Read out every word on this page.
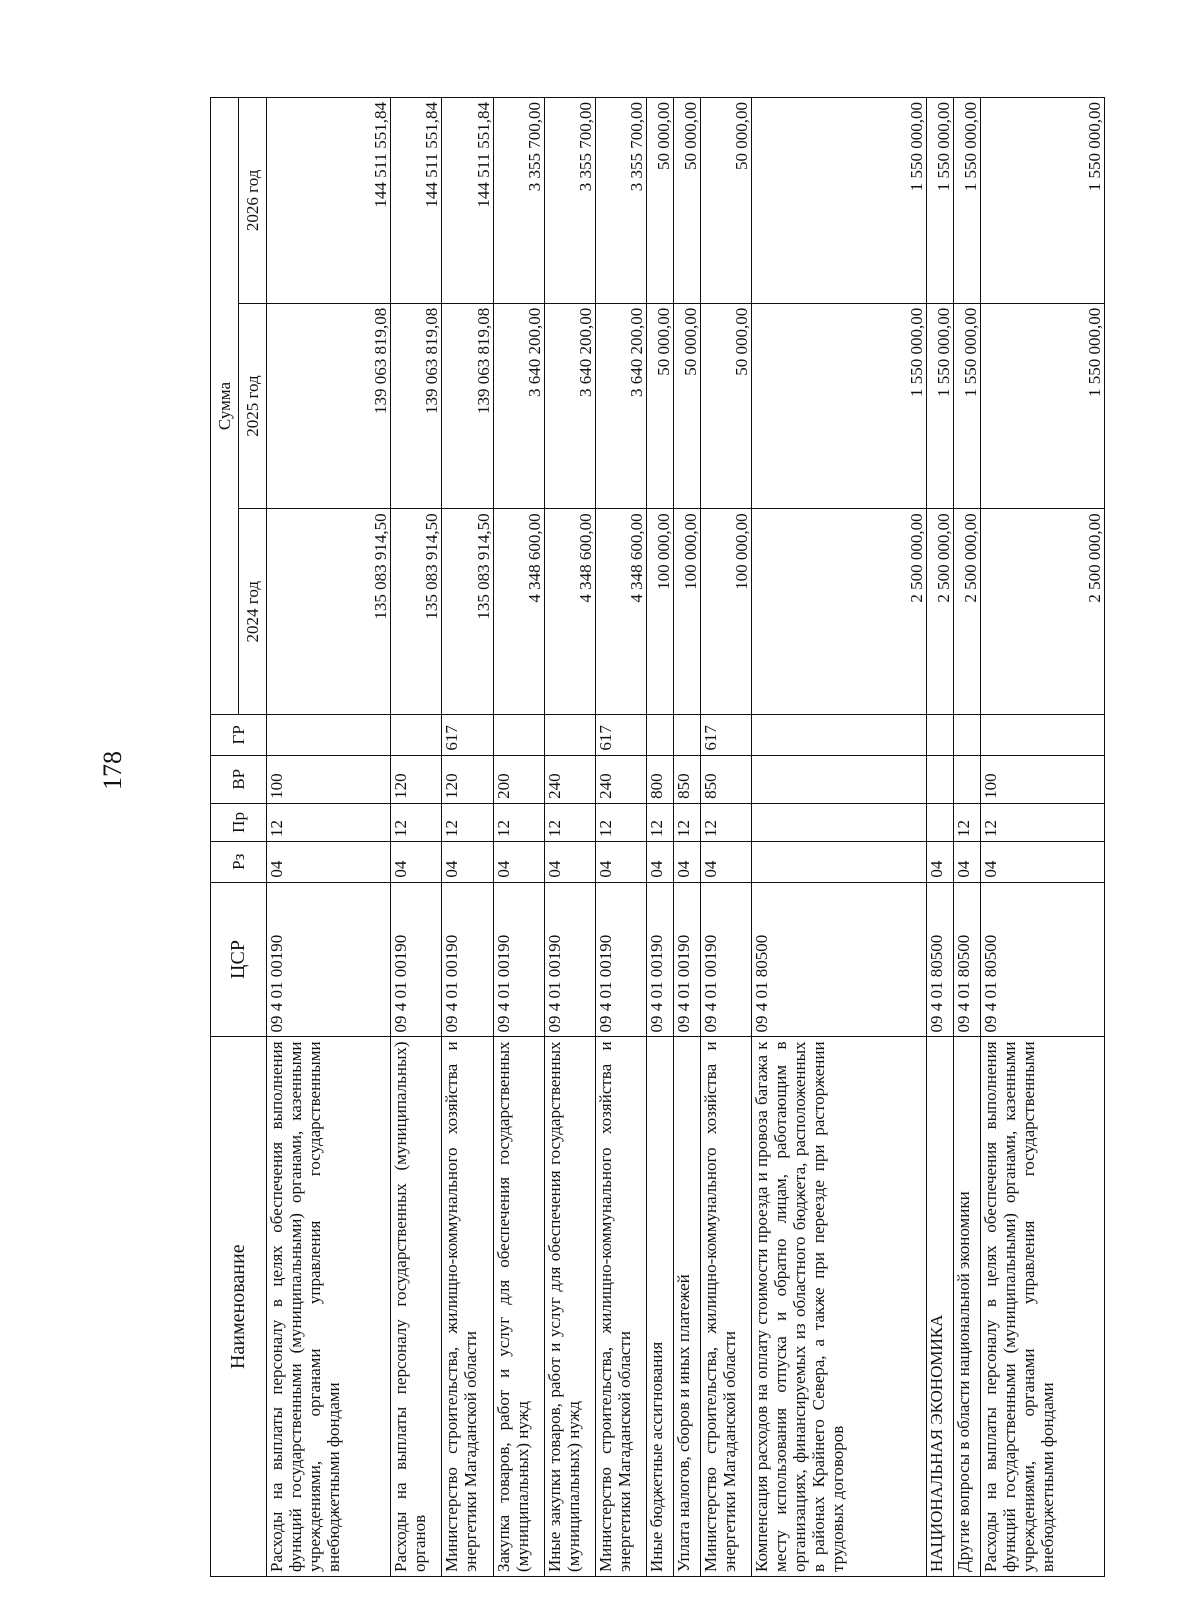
178
Наименование	ЦСР	Рз	Пр	ВР	ГР	Сумма		
						2024 год	2025 год	2026 год
Расходы на выплаты персоналу в целях обеспечения выполнения функций государственными (муниципальными) органами, казенными учреждениями, органами управления государственными внебюджетными фондами	09 4 01 00190	04	12	100		135 083 914,50	139 063 819,08	144 511 551,84
Расходы на выплаты персоналу государственных (муниципальных) органов	09 4 01 00190	04	12	120		135 083 914,50	139 063 819,08	144 511 551,84
Министерство строительства, жилищно-коммунального хозяйства и энергетики Магаданской области	09 4 01 00190	04	12	120	617	135 083 914,50	139 063 819,08	144 511 551,84
Закупка товаров, работ и услуг для обеспечения государственных (муниципальных) нужд	09 4 01 00190	04	12	200		4 348 600,00	3 640 200,00	3 355 700,00
Иные закупки товаров, работ и услуг для обеспечения государственных (муниципальных) нужд	09 4 01 00190	04	12	240		4 348 600,00	3 640 200,00	3 355 700,00
Министерство строительства, жилищно-коммунального хозяйства и энергетики Магаданской области	09 4 01 00190	04	12	240	617	4 348 600,00	3 640 200,00	3 355 700,00
Иные бюджетные ассигнования	09 4 01 00190	04	12	800		100 000,00	50 000,00	50 000,00
Уплата налогов, сборов и иных платежей	09 4 01 00190	04	12	850		100 000,00	50 000,00	50 000,00
Министерство строительства, жилищно-коммунального хозяйства и энергетики Магаданской области	09 4 01 00190	04	12	850	617	100 000,00	50 000,00	50 000,00
Компенсация расходов на оплату стоимости проезда и провоза багажа к месту использования отпуска и обратно лицам, работающим в организациях, финансируемых из областного бюджета, расположенных в районах Крайнего Севера, а также при переезде при расторжении трудовых договоров	09 4 01 80500					2 500 000,00	1 550 000,00	1 550 000,00
НАЦИОНАЛЬНАЯ ЭКОНОМИКА	09 4 01 80500	04				2 500 000,00	1 550 000,00	1 550 000,00
Другие вопросы в области национальной экономики	09 4 01 80500	04	12			2 500 000,00	1 550 000,00	1 550 000,00
Расходы на выплаты персоналу в целях обеспечения выполнения функций государственными (муниципальными) органами, казенными учреждениями, органами управления государственными внебюджетными фондами	09 4 01 80500	04	12	100		2 500 000,00	1 550 000,00	1 550 000,00
